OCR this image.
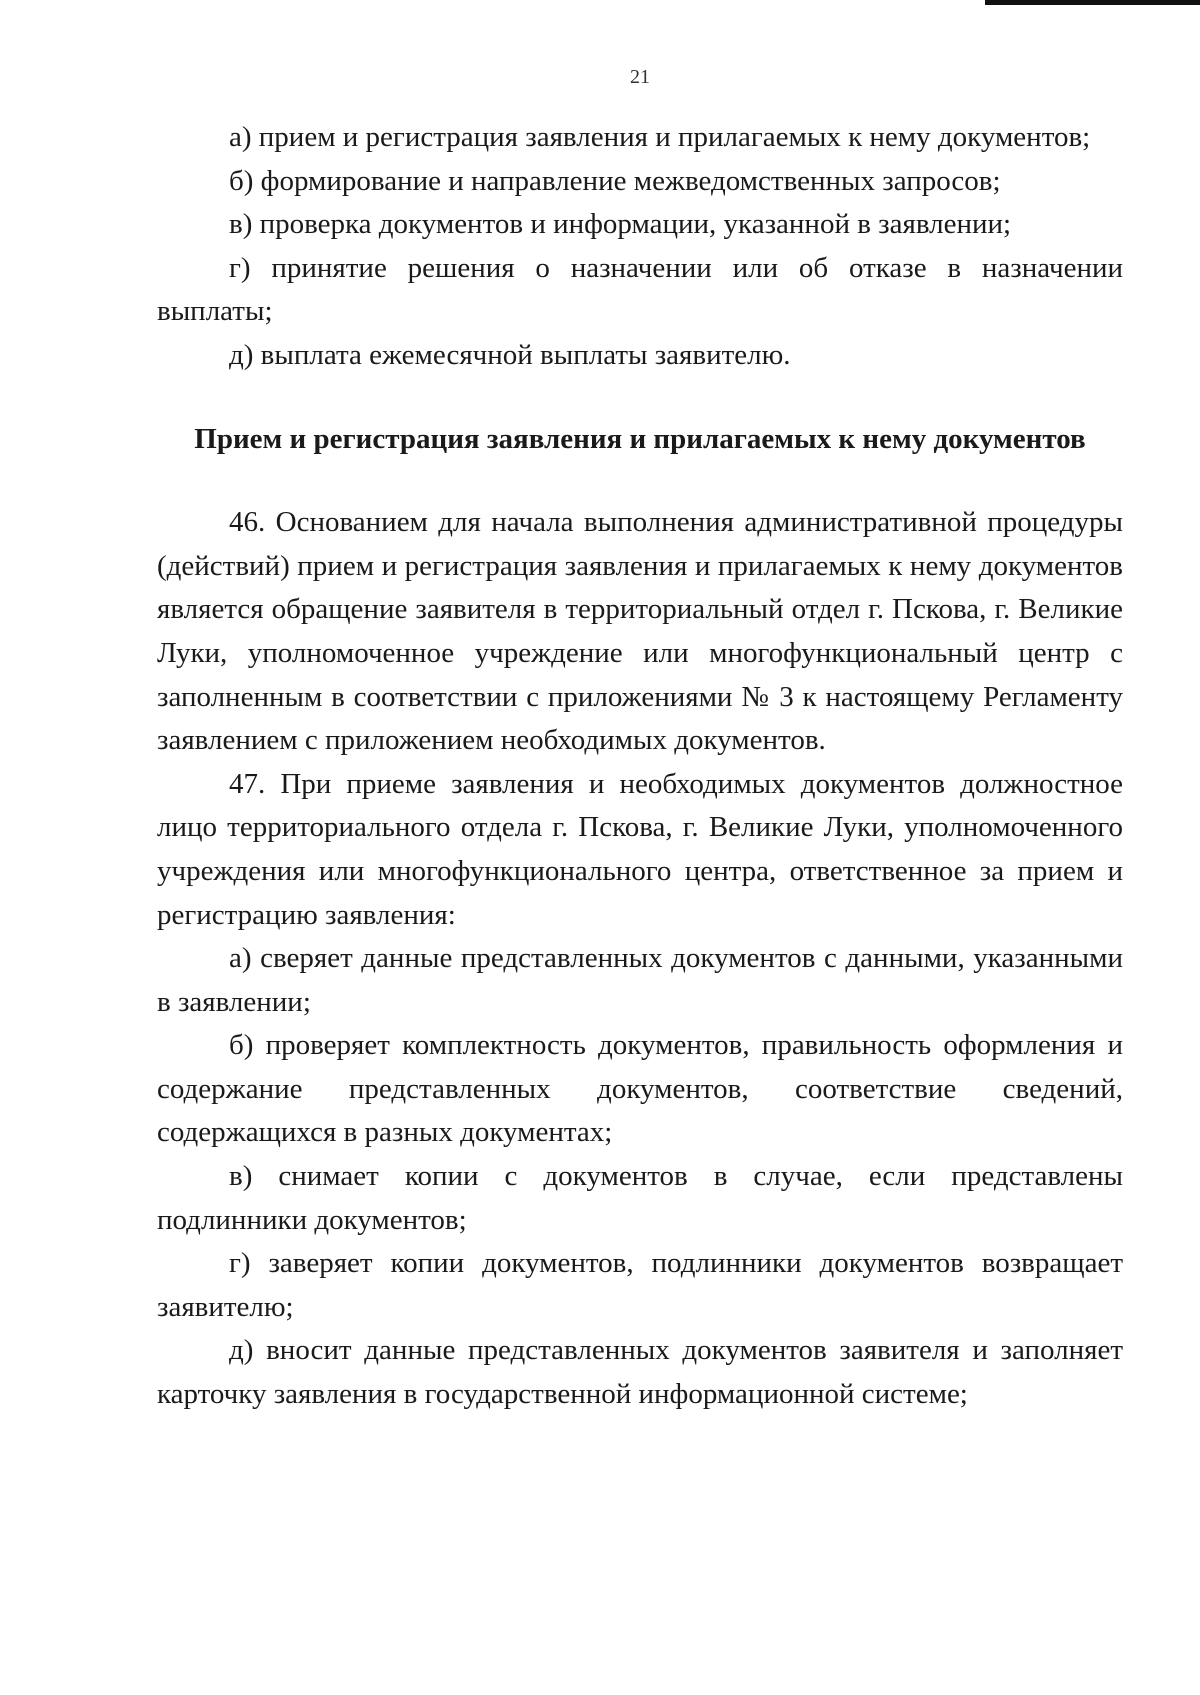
21

а) прием и регистрация заявления и прилагаемых к нему документов;

б) формирование и направление межведомственных запросов;

в) проверка документов и информации, указанной в заявлении;

г) принятие решения о назначении или об отказе в назначении выплаты;

д) выплата ежемесячной выплаты заявителю.

Прием и регистрация заявления и прилагаемых к нему документов

46. Основанием для начала выполнения административной процедуры (действий) прием и регистрация заявления и прилагаемых к нему документов является обращение заявителя в территориальный отдел г. Пскова, г. Великие Луки, уполномоченное учреждение или многофункциональный центр с заполненным в соответствии с приложениями № 3 к настоящему Регламенту заявлением с приложением необходимых документов.

47. При приеме заявления и необходимых документов должностное лицо территориального отдела г. Пскова, г. Великие Луки, уполномоченного учреждения или многофункционального центра, ответственное за прием и регистрацию заявления:

а) сверяет данные представленных документов с данными, указанными в заявлении;

б) проверяет комплектность документов, правильность оформления и содержание представленных документов, соответствие сведений, содержащихся в разных документах;

в) снимает копии с документов в случае, если представлены подлинники документов;

г) заверяет копии документов, подлинники документов возвращает заявителю;

д) вносит данные представленных документов заявителя и заполняет карточку заявления в государственной информационной системе;
